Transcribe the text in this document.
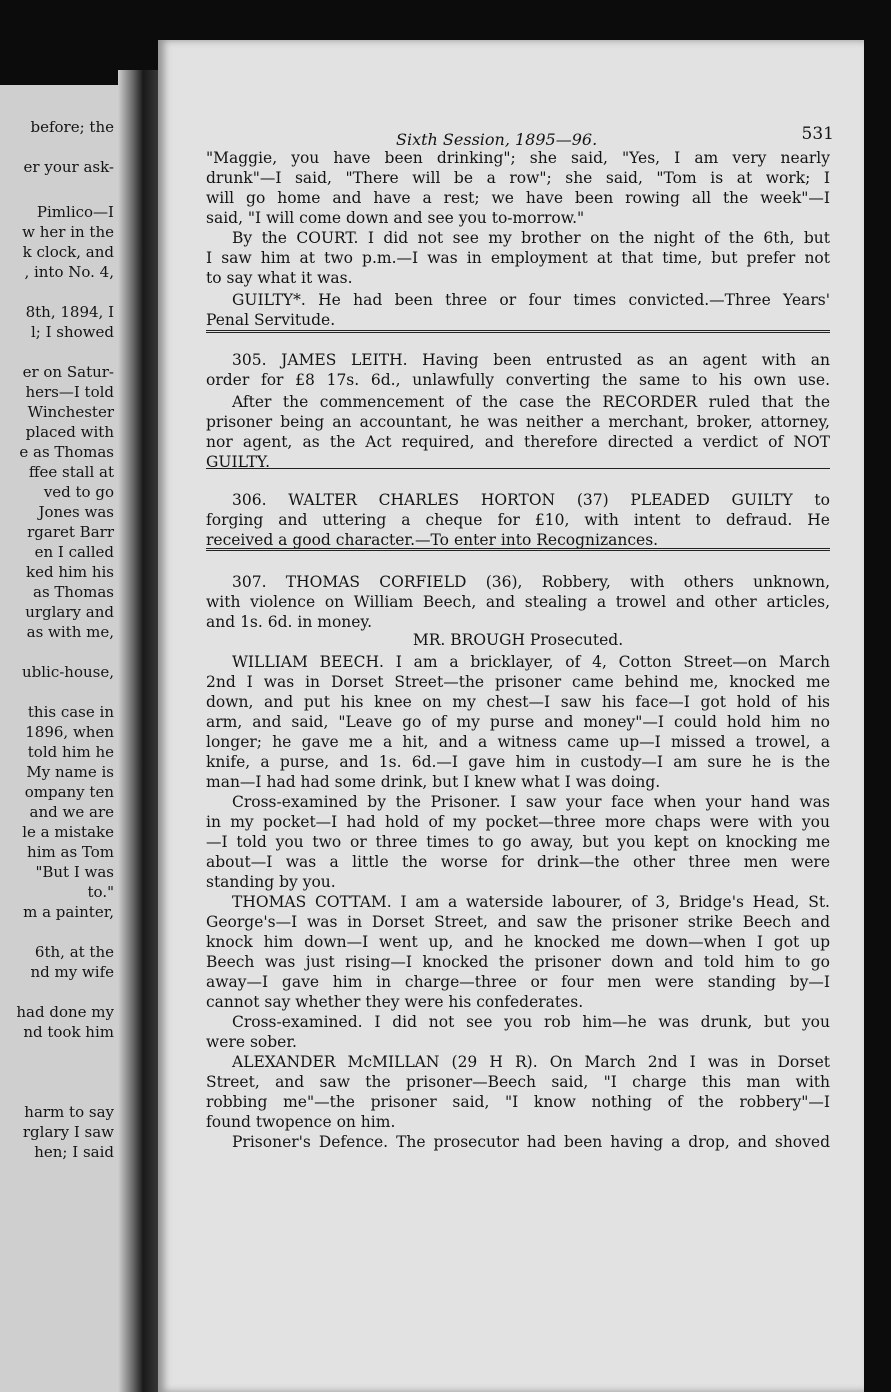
before; the
er your ask-
Pimlico—I
w her in the
k clock, and
, into No. 4,
8th, 1894, I
l; I showed
er on Satur-
hers—I told
Winchester
placed with
e as Thomas
ffee stall at
ved to go
Jones was
rgaret Barr
en I called
ked him his
as Thomas
urglary and
as with me,
ublic-house,
this case in
1896, when
told him he
My name is
ompany ten
and we are
le a mistake
him as Tom
"But I was
to."
m a painter,
6th, at the
nd my wife
had done my
nd took him
harm to say
rglary I saw
hen; I said
Sixth Session, 1895—96.	531
"Maggie, you have been drinking"; she said, "Yes, I am very nearly
drunk"—I said, "There will be a row"; she said, "Tom is at work; I
will go home and have a rest; we have been rowing all the week"—I
said, "I will come down and see you to-morrow."
By the COURT. I did not see my brother on the night of the 6th, but
I saw him at two p.m.—I was in employment at that time, but prefer not
to say what it was.
GUILTY*. He had been three or four times convicted.—Three Years'
Penal Servitude.
305. JAMES LEITH. Having been entrusted as an agent with an
order for £8 17s. 6d., unlawfully converting the same to his own use.
After the commencement of the case the RECORDER ruled that the
prisoner being an accountant, he was neither a merchant, broker, attorney,
nor agent, as the Act required, and therefore directed a verdict of NOT
GUILTY.
306. WALTER CHARLES HORTON (37) PLEADED GUILTY to
forging and uttering a cheque for £10, with intent to defraud. He
received a good character.—To enter into Recognizances.
307. THOMAS CORFIELD (36), Robbery, with others unknown,
with violence on William Beech, and stealing a trowel and other articles,
and 1s. 6d. in money.
MR. BROUGH Prosecuted.
WILLIAM BEECH. I am a bricklayer, of 4, Cotton Street—on March
2nd I was in Dorset Street—the prisoner came behind me, knocked me
down, and put his knee on my chest—I saw his face—I got hold of his
arm, and said, "Leave go of my purse and money"—I could hold him no
longer; he gave me a hit, and a witness came up—I missed a trowel, a
knife, a purse, and 1s. 6d.—I gave him in custody—I am sure he is the
man—I had had some drink, but I knew what I was doing.
Cross-examined by the Prisoner. I saw your face when your hand was
in my pocket—I had hold of my pocket—three more chaps were with you
—I told you two or three times to go away, but you kept on knocking me
about—I was a little the worse for drink—the other three men were
standing by you.
THOMAS COTTAM. I am a waterside labourer, of 3, Bridge's Head, St.
George's—I was in Dorset Street, and saw the prisoner strike Beech and
knock him down—I went up, and he knocked me down—when I got up
Beech was just rising—I knocked the prisoner down and told him to go
away—I gave him in charge—three or four men were standing by—I
cannot say whether they were his confederates.
Cross-examined. I did not see you rob him—he was drunk, but you
were sober.
ALEXANDER McMILLAN (29 H R). On March 2nd I was in Dorset
Street, and saw the prisoner—Beech said, "I charge this man with
robbing me"—the prisoner said, "I know nothing of the robbery"—I
found twopence on him.
Prisoner's Defence. The prosecutor had been having a drop, and shoved
